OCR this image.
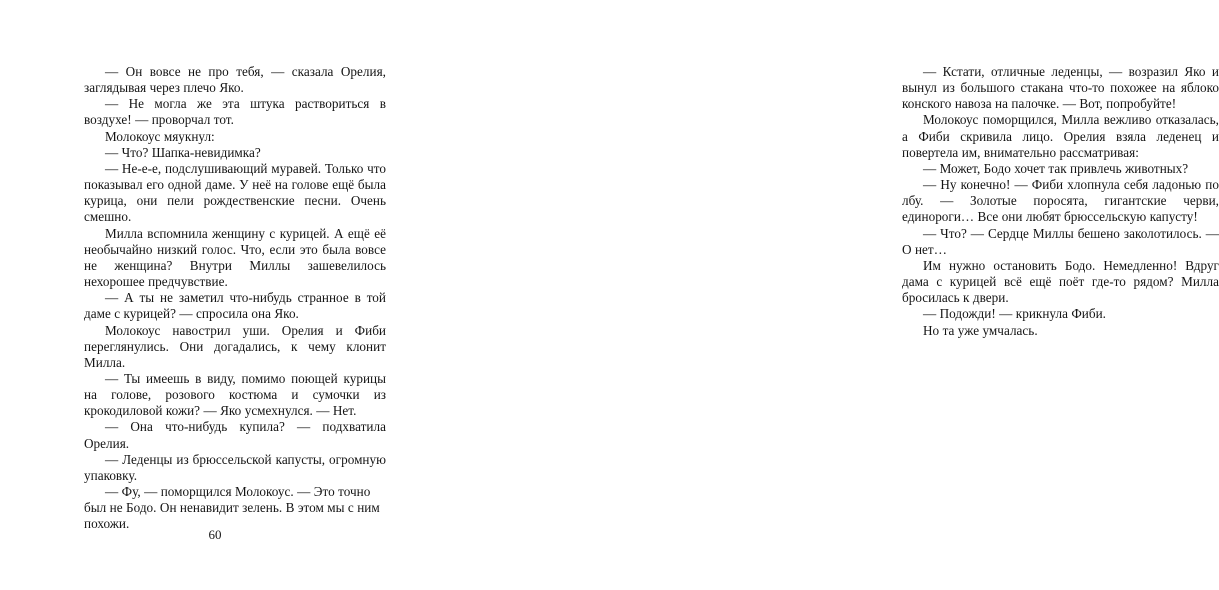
— Он вовсе не про тебя, — сказала Орелия, заглядывая через плечо Яко.

— Не могла же эта штука раствориться в воздухе! — проворчал тот.

Молокоус мяукнул:

— Что? Шапка-невидимка?

— Не-е-е, подслушивающий муравей. Только что показывал его одной даме. У неё на голове ещё была курица, они пели рождественские песни. Очень смешно.

Милла вспомнила женщину с курицей. А ещё её необычайно низкий голос. Что, если это была вовсе не женщина? Внутри Миллы зашевелилось нехорошее предчувствие.

— А ты не заметил что-нибудь странное в той даме с курицей? — спросила она Яко.

Молокоус навострил уши. Орелия и Фиби переглянулись. Они догадались, к чему клонит Милла.

— Ты имеешь в виду, помимо поющей курицы на голове, розового костюма и сумочки из крокодиловой кожи? — Яко усмехнулся. — Нет.

— Она что-нибудь купила? — подхватила Орелия.

— Леденцы из брюссельской капусты, огромную упаковку.

— Фу, — поморщился Молокоус. — Это точно был не Бодо. Он ненавидит зелень. В этом мы с ним похожи.

60

— Кстати, отличные леденцы, — возразил Яко и вынул из большого стакана что-то похожее на яблоко конского навоза на палочке. — Вот, попробуйте!

Молокоус поморщился, Милла вежливо отказалась, а Фиби скривила лицо. Орелия взяла леденец и повертела им, внимательно рассматривая:

— Может, Бодо хочет так привлечь животных?

— Ну конечно! — Фиби хлопнула себя ладонью по лбу. — Золотые поросята, гигантские черви, единороги… Все они любят брюссельскую капусту!

— Что? — Сердце Миллы бешено заколотилось. — О нет…

Им нужно остановить Бодо. Немедленно! Вдруг дама с курицей всё ещё поёт где-то рядом? Милла бросилась к двери.

— Подожди! — крикнула Фиби.

Но та уже умчалась.
